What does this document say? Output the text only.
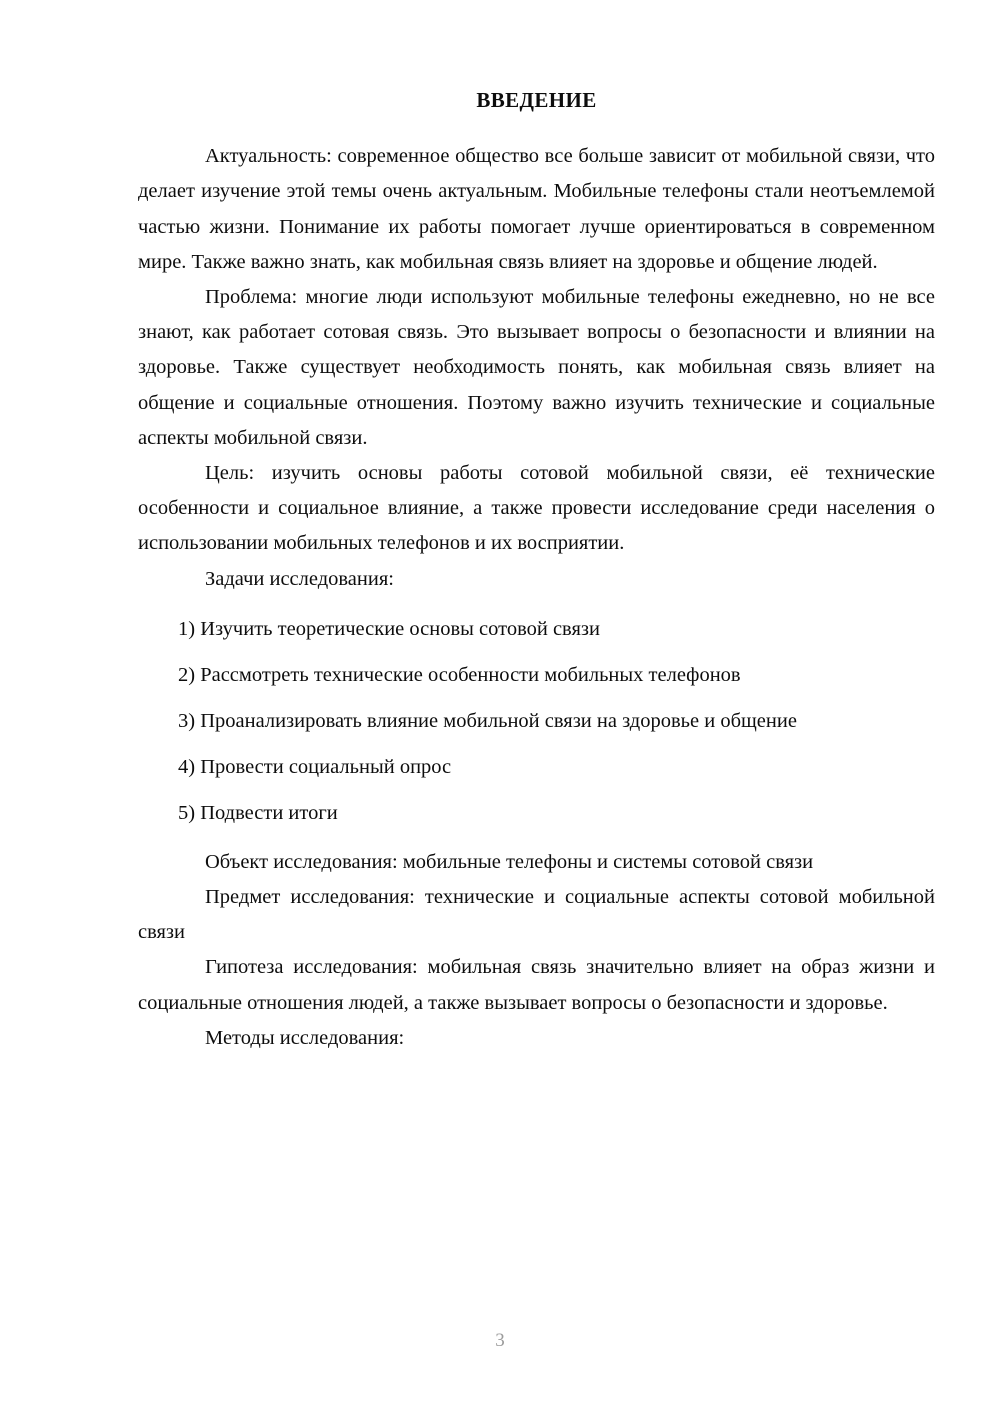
ВВЕДЕНИЕ

Актуальность: современное общество все больше зависит от мобильной связи, что делает изучение этой темы очень актуальным. Мобильные телефоны стали неотъемлемой частью жизни. Понимание их работы помогает лучше ориентироваться в современном мире. Также важно знать, как мобильная связь влияет на здоровье и общение людей.

Проблема: многие люди используют мобильные телефоны ежедневно, но не все знают, как работает сотовая связь. Это вызывает вопросы о безопасности и влиянии на здоровье. Также существует необходимость понять, как мобильная связь влияет на общение и социальные отношения. Поэтому важно изучить технические и социальные аспекты мобильной связи.

Цель: изучить основы работы сотовой мобильной связи, её технические особенности и социальное влияние, а также провести исследование среди населения о использовании мобильных телефонов и их восприятии.

Задачи исследования:

1) Изучить теоретические основы сотовой связи
2) Рассмотреть технические особенности мобильных телефонов
3) Проанализировать влияние мобильной связи на здоровье и общение
4) Провести социальный опрос
5) Подвести итоги

Объект исследования: мобильные телефоны и системы сотовой связи

Предмет исследования: технические и социальные аспекты сотовой мобильной связи

Гипотеза исследования: мобильная связь значительно влияет на образ жизни и социальные отношения людей, а также вызывает вопросы о безопасности и здоровье.

Методы исследования:

3
